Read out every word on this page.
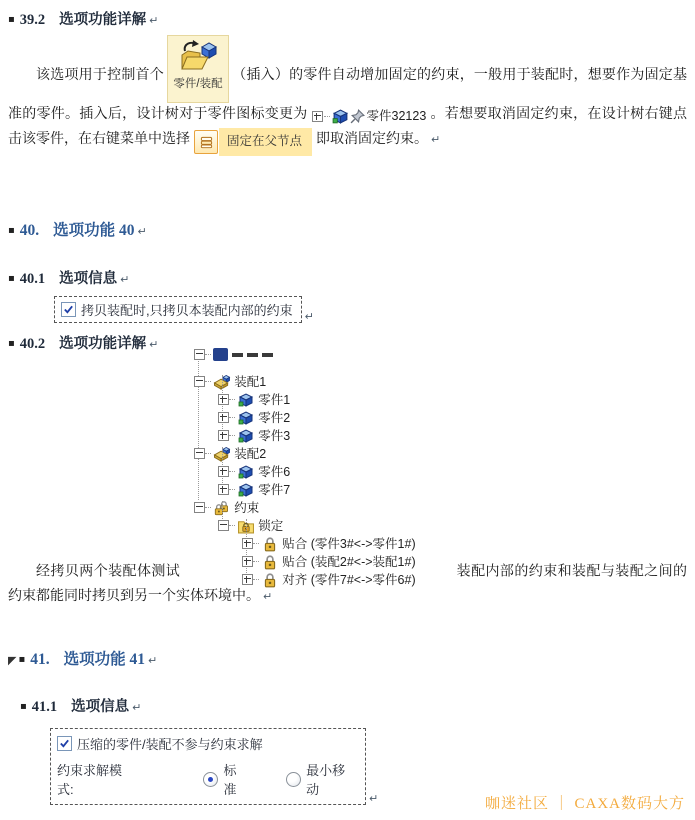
▪ 39.2 选项功能详解 ↵

该选项用于控制首个
零件/装配
（插入）的零件自动增加固定的约束，一般用于装配时，想要作为固定基准的零件。插入后，设计树对于零件图标变更为	零件32123 。若想要取消固定约束，在设计树右键点击该零件，在右键菜单中选择	固定在父节点	即取消固定约束。 ↵

▪ 40. 选项功能 40 ↵
▪ 40.1 选项信息 ↵
拷贝装配时,只拷贝本装配内部的约束 ↵
▪ 40.2 选项功能详解 ↵

经拷贝两个装配体测试
装配1
零件1
零件2
零件3
装配2
零件6
零件7
约束
锁定
贴合 (零件3#<->零件1#)
贴合 (装配2#<->装配1#)
对齐 (零件7#<->零件6#)
装配内部的约束和装配与装配之间的约束都能同时拷贝到另一个实体环境中。 ↵

◤ ▪ 41. 选项功能 41 ↵
▪ 41.1 选项信息 ↵
压缩的零件/装配不参与约束求解
约束求解模式:
标准
最小移动
↵	咖迷社区 ｜ CAXA数码大方
